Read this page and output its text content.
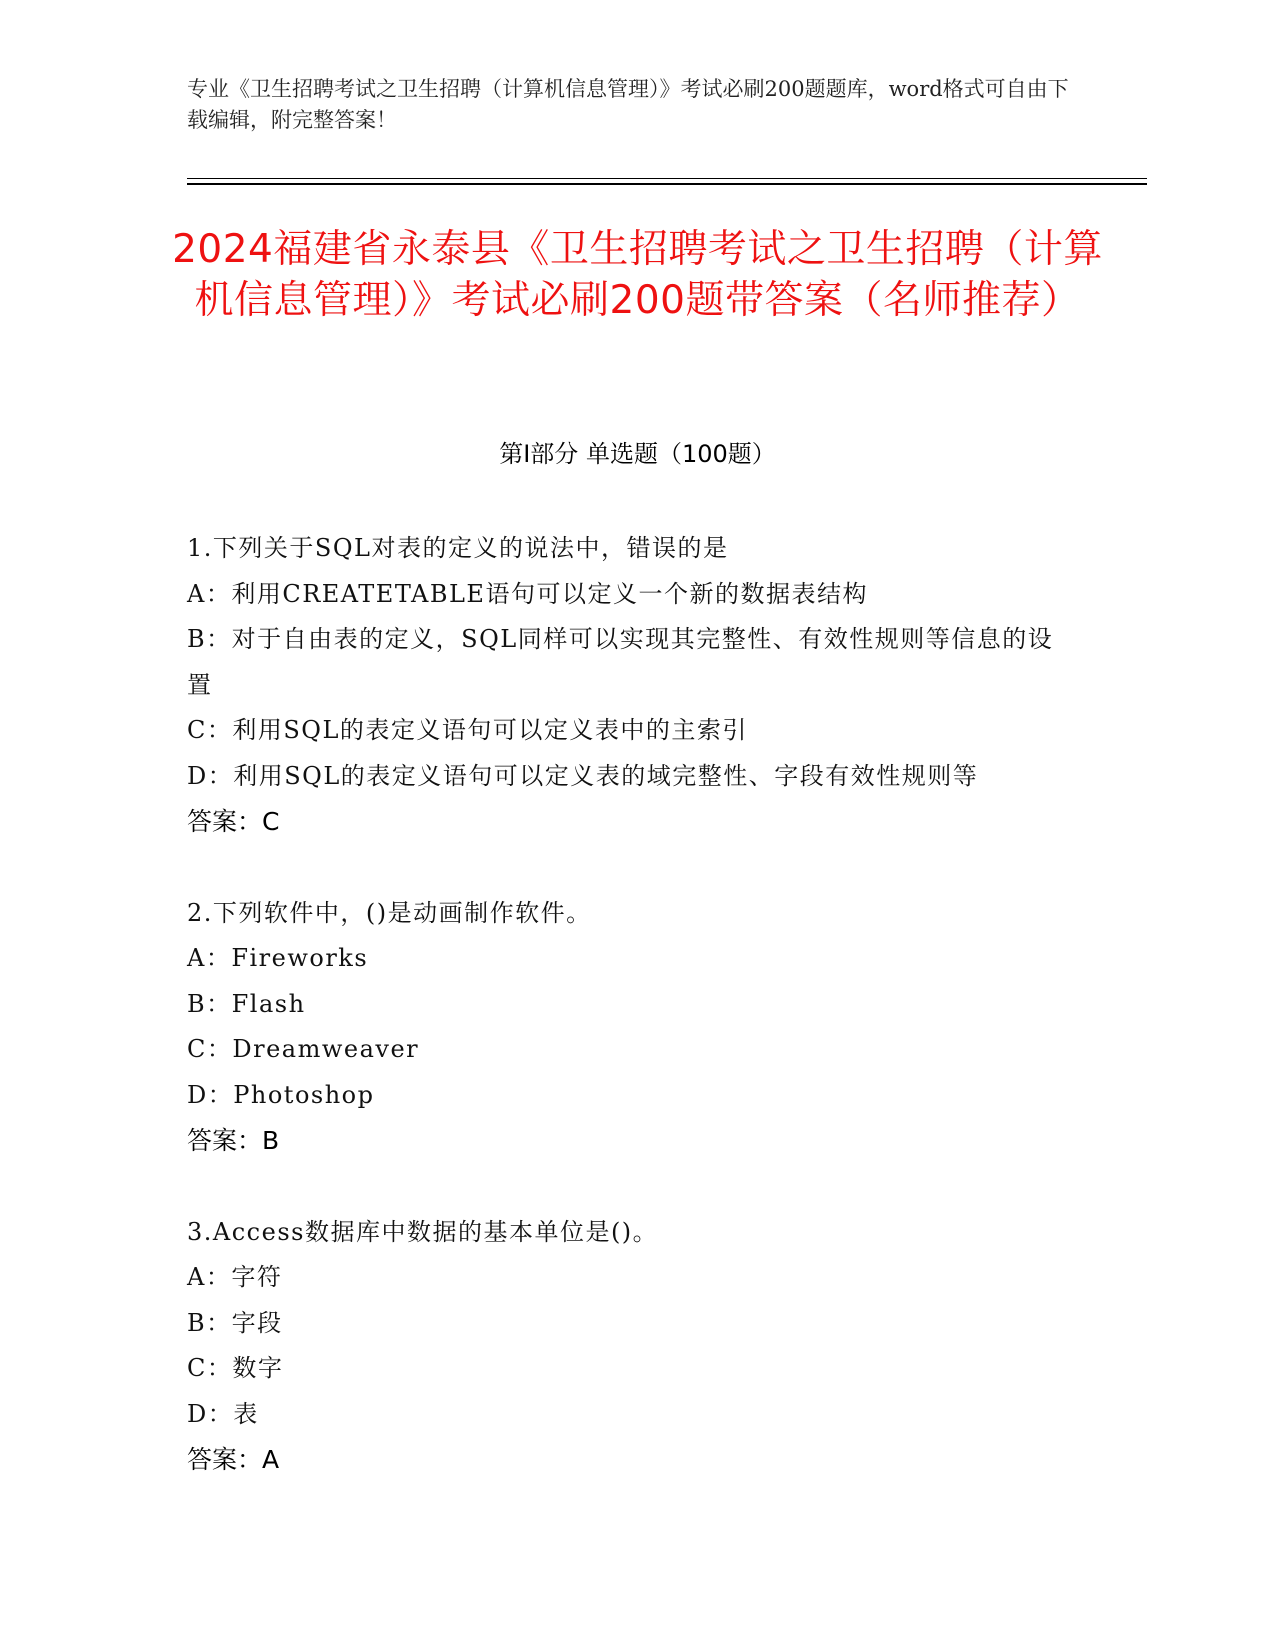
专业《卫生招聘考试之卫生招聘（计算机信息管理）》考试必刷200题题库，word格式可自由下载编辑，附完整答案！
2024福建省永泰县《卫生招聘考试之卫生招聘（计算机信息管理）》考试必刷200题带答案（名师推荐）
第Ⅰ部分 单选题（100题）
1.下列关于SQL对表的定义的说法中，错误的是
A：利用CREATETABLE语句可以定义一个新的数据表结构
B：对于自由表的定义，SQL同样可以实现其完整性、有效性规则等信息的设置
C：利用SQL的表定义语句可以定义表中的主索引
D：利用SQL的表定义语句可以定义表的域完整性、字段有效性规则等
答案：C
2.下列软件中，()是动画制作软件。
A：Fireworks
B：Flash
C：Dreamweaver
D：Photoshop
答案：B
3.Access数据库中数据的基本单位是()。
A：字符
B：字段
C：数字
D：表
答案：A
